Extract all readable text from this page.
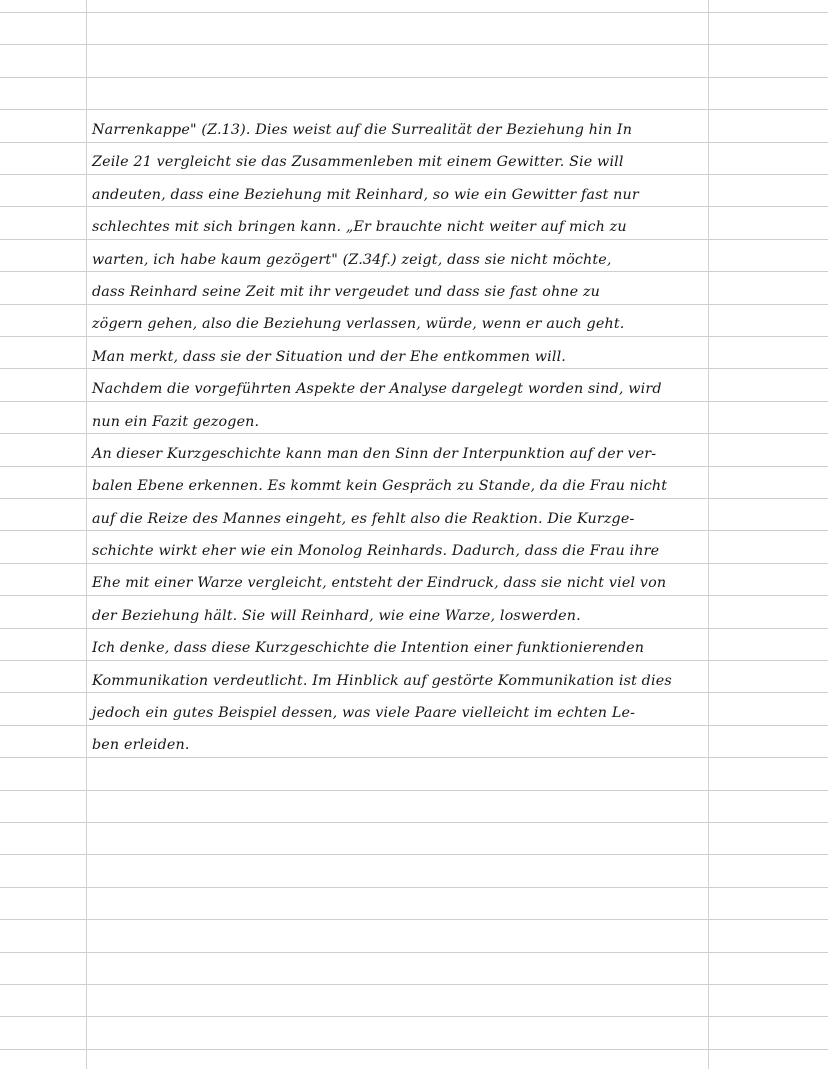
Narrenkappe" (Z.13). Dies weist auf die Surrealität der Beziehung hin In
Zeile 21 vergleicht sie das Zusammenleben mit einem Gewitter. Sie will
andeuten, dass eine Beziehung mit Reinhard, so wie ein Gewitter fast nur
schlechtes mit sich bringen kann. „Er brauchte nicht weiter auf mich zu
warten, ich habe kaum gezögert" (Z.34f.) zeigt, dass sie nicht möchte,
dass Reinhard seine Zeit mit ihr vergeudet und dass sie fast ohne zu
zögern gehen, also die Beziehung verlassen, würde, wenn er auch geht.
Man merkt, dass sie der Situation und der Ehe entkommen will.
Nachdem die vorgeführten Aspekte der Analyse dargelegt worden sind, wird
nun ein Fazit gezogen.
An dieser Kurzgeschichte kann man den Sinn der Interpunktion auf der ver-
balen Ebene erkennen. Es kommt kein Gespräch zu Stande, da die Frau nicht
auf die Reize des Mannes eingeht, es fehlt also die Reaktion. Die Kurzge-
schichte wirkt eher wie ein Monolog Reinhards. Dadurch, dass die Frau ihre
Ehe mit einer Warze vergleicht, entsteht der Eindruck, dass sie nicht viel von
der Beziehung hält. Sie will Reinhard, wie eine Warze, loswerden.
Ich denke, dass diese Kurzgeschichte die Intention einer funktionierenden
Kommunikation verdeutlicht. Im Hinblick auf gestörte Kommunikation ist dies
jedoch ein gutes Beispiel dessen, was viele Paare vielleicht im echten Le-
ben erleiden.
